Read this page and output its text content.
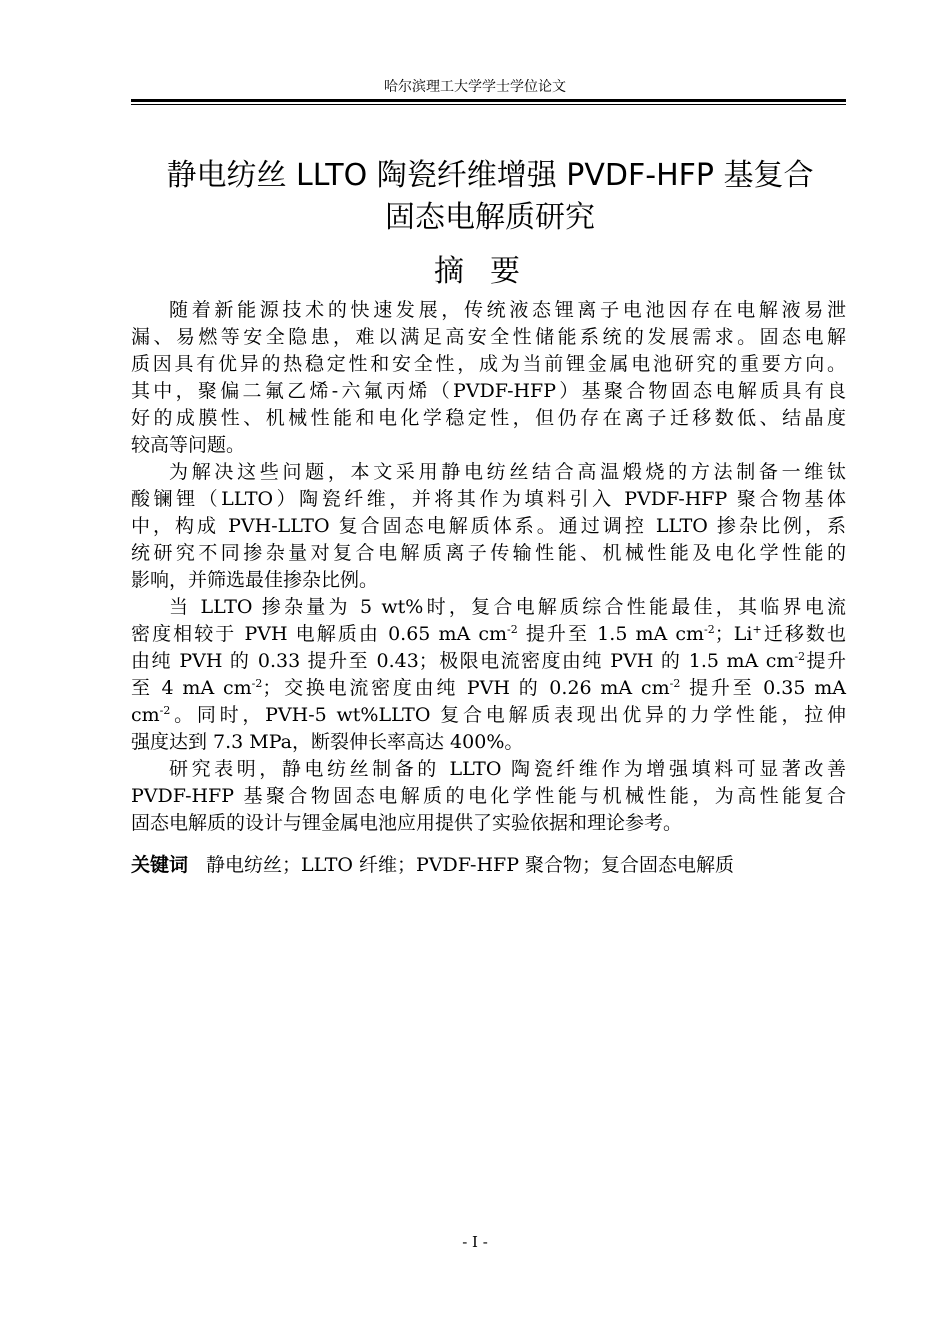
哈尔滨理工大学学士学位论文
静电纺丝 LLTO 陶瓷纤维增强 PVDF-HFP 基复合
固态电解质研究
摘要

随着新能源技术的快速发展，传统液态锂离子电池因存在电解液易泄
漏、易燃等安全隐患，难以满足高安全性储能系统的发展需求。固态电解
质因具有优异的热稳定性和安全性，成为当前锂金属电池研究的重要方向。
其中，聚偏二氟乙烯-六氟丙烯（PVDF-HFP）基聚合物固态电解质具有良
好的成膜性、机械性能和电化学稳定性，但仍存在离子迁移数低、结晶度
较高等问题。

为解决这些问题，本文采用静电纺丝结合高温煅烧的方法制备一维钛
酸镧锂（LLTO）陶瓷纤维，并将其作为填料引入 PVDF-HFP 聚合物基体
中，构成 PVH-LLTO 复合固态电解质体系。通过调控 LLTO 掺杂比例，系
统研究不同掺杂量对复合电解质离子传输性能、机械性能及电化学性能的
影响，并筛选最佳掺杂比例。

当 LLTO 掺杂量为 5 wt%时，复合电解质综合性能最佳，其临界电流
密度相较于 PVH 电解质由 0.65 mA $cm^{-2}$ 提升至 1.5 mA $cm^{-2}$；Li+迁移数也
由纯 PVH 的 0.33 提升至 0.43；极限电流密度由纯 PVH 的 1.5 mA $cm^{-2}$提升
至 4 mA $cm^{-2}$；交换电流密度由纯 PVH 的 0.26 mA $cm^{-2}$ 提升至 0.35 mA
$cm^{-2}$。同时，PVH-5 wt%LLTO 复合电解质表现出优异的力学性能，拉伸
强度达到 7.3 MPa，断裂伸长率高达 400%。

研究表明，静电纺丝制备的 LLTO 陶瓷纤维作为增强填料可显著改善
PVDF-HFP 基聚合物固态电解质的电化学性能与机械性能，为高性能复合
固态电解质的设计与锂金属电池应用提供了实验依据和理论参考。

关键词 静电纺丝；LLTO 纤维；PVDF-HFP 聚合物；复合固态电解质
- I -
